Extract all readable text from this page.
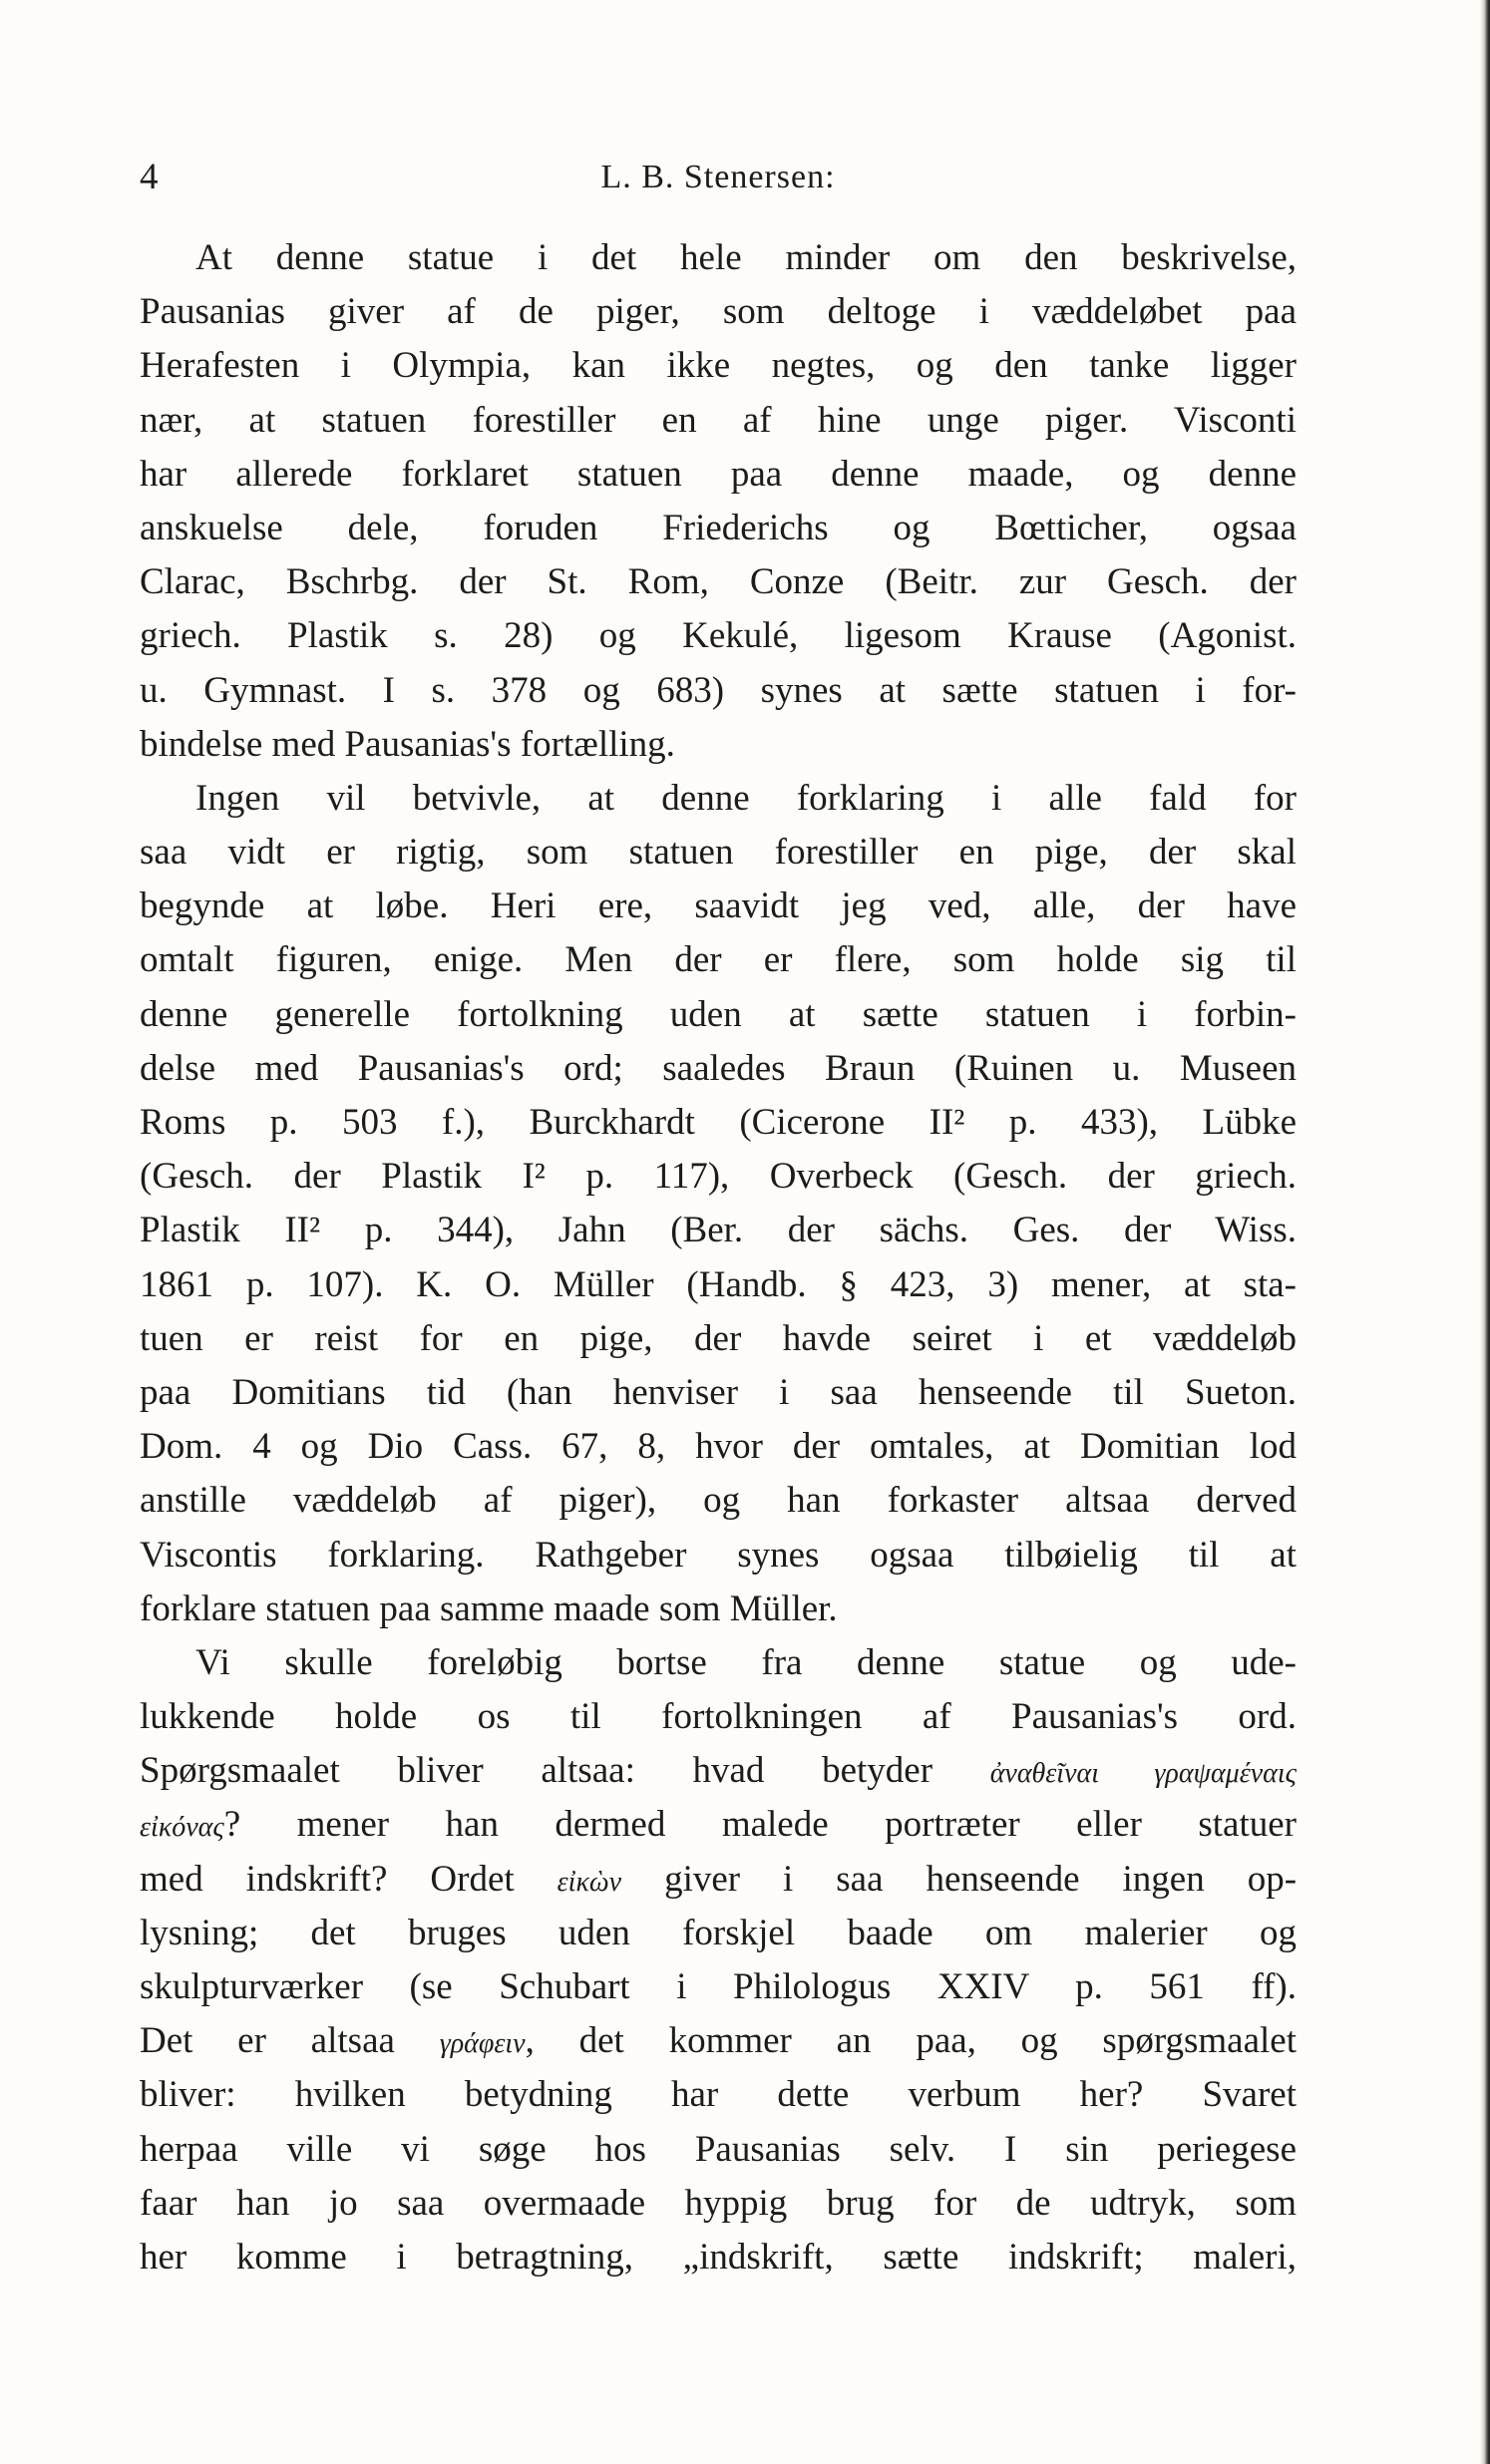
4	L. B. Stenersen:
At denne statue i det hele minder om den beskrivelse,
Pausanias giver af de piger, som deltoge i væddeløbet paa
Herafesten i Olympia, kan ikke negtes, og den tanke ligger
nær, at statuen forestiller en af hine unge piger. Visconti
har allerede forklaret statuen paa denne maade, og denne
anskuelse dele, foruden Friederichs og Bœtticher, ogsaa
Clarac, Bschrbg. der St. Rom, Conze (Beitr. zur Gesch. der
griech. Plastik s. 28) og Kekulé, ligesom Krause (Agonist.
u. Gymnast. I s. 378 og 683) synes at sætte statuen i for-
bindelse med Pausanias's fortælling.
Ingen vil betvivle, at denne forklaring i alle fald for
saa vidt er rigtig, som statuen forestiller en pige, der skal
begynde at løbe. Heri ere, saavidt jeg ved, alle, der have
omtalt figuren, enige. Men der er flere, som holde sig til
denne generelle fortolkning uden at sætte statuen i forbin-
delse med Pausanias's ord; saaledes Braun (Ruinen u. Museen
Roms p. 503 f.), Burckhardt (Cicerone II² p. 433), Lübke
(Gesch. der Plastik I² p. 117), Overbeck (Gesch. der griech.
Plastik II² p. 344), Jahn (Ber. der sächs. Ges. der Wiss.
1861 p. 107). K. O. Müller (Handb. § 423, 3) mener, at sta-
tuen er reist for en pige, der havde seiret i et væddeløb
paa Domitians tid (han henviser i saa henseende til Sueton.
Dom. 4 og Dio Cass. 67, 8, hvor der omtales, at Domitian lod
anstille væddeløb af piger), og han forkaster altsaa derved
Viscontis forklaring. Rathgeber synes ogsaa tilbøielig til at
forklare statuen paa samme maade som Müller.
Vi skulle foreløbig bortse fra denne statue og ude-
lukkende holde os til fortolkningen af Pausanias's ord.
Spørgsmaalet bliver altsaa: hvad betyder ἀναθεῖναι γραψαμέναις
εἰκόνας? mener han dermed malede portræter eller statuer
med indskrift? Ordet εἰκὼν giver i saa henseende ingen op-
lysning; det bruges uden forskjel baade om malerier og
skulpturværker (se Schubart i Philologus XXIV p. 561 ff).
Det er altsaa γράφειν, det kommer an paa, og spørgsmaalet
bliver: hvilken betydning har dette verbum her? Svaret
herpaa ville vi søge hos Pausanias selv. I sin periegese
faar han jo saa overmaade hyppig brug for de udtryk, som
her komme i betragtning, „indskrift, sætte indskrift; maleri,
